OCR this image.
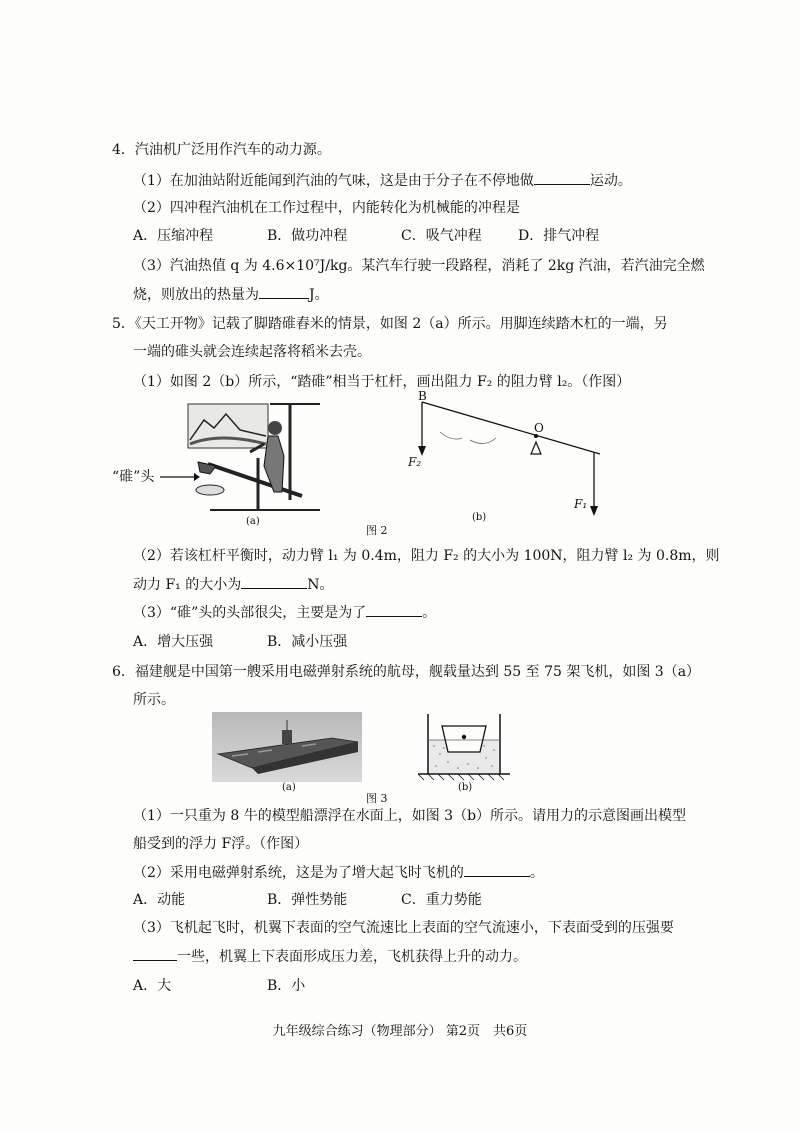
4．汽油机广泛用作汽车的动力源。
（1）在加油站附近能闻到汽油的气味，这是由于分子在不停地做	运动。
（2）四冲程汽油机在工作过程中，内能转化为机械能的冲程是
A．压缩冲程	B．做功冲程	C．吸气冲程	D．排气冲程
（3）汽油热值 q 为 4.6×10⁷J/kg。某汽车行驶一段路程，消耗了 2kg 汽油，若汽油完全燃
烧，则放出的热量为	J。
5．《天工开物》记载了脚踏碓舂米的情景，如图 2（a）所示。用脚连续踏木杠的一端，另
一端的碓头就会连续起落将稻米去壳。
（1）如图 2（b）所示，“踏碓”相当于杠杆，画出阻力 F₂ 的阻力臂 l₂。（作图）
“碓”头
(a)
B
O
F₂
F₁
(b)
图 2
（2）若该杠杆平衡时，动力臂 l₁ 为 0.4m，阻力 F₂ 的大小为 100N，阻力臂 l₂ 为 0.8m，则
动力 F₁ 的大小为	N。
（3）“碓”头的头部很尖，主要是为了	。
A．增大压强	B．减小压强
6．福建舰是中国第一艘采用电磁弹射系统的航母，舰载量达到 55 至 75 架飞机，如图 3（a）
所示。
(a)	(b)
图 3
（1）一只重为 8 牛的模型船漂浮在水面上，如图 3（b）所示。请用力的示意图画出模型
船受到的浮力 F浮。（作图）
（2）采用电磁弹射系统，这是为了增大起飞时飞机的	。
A．动能	B．弹性势能	C．重力势能
（3）飞机起飞时，机翼下表面的空气流速比上表面的空气流速小，下表面受到的压强要
一些，机翼上下表面形成压力差，飞机获得上升的动力。
A．大	B．小
九年级综合练习（物理部分） 第2页　共6页
